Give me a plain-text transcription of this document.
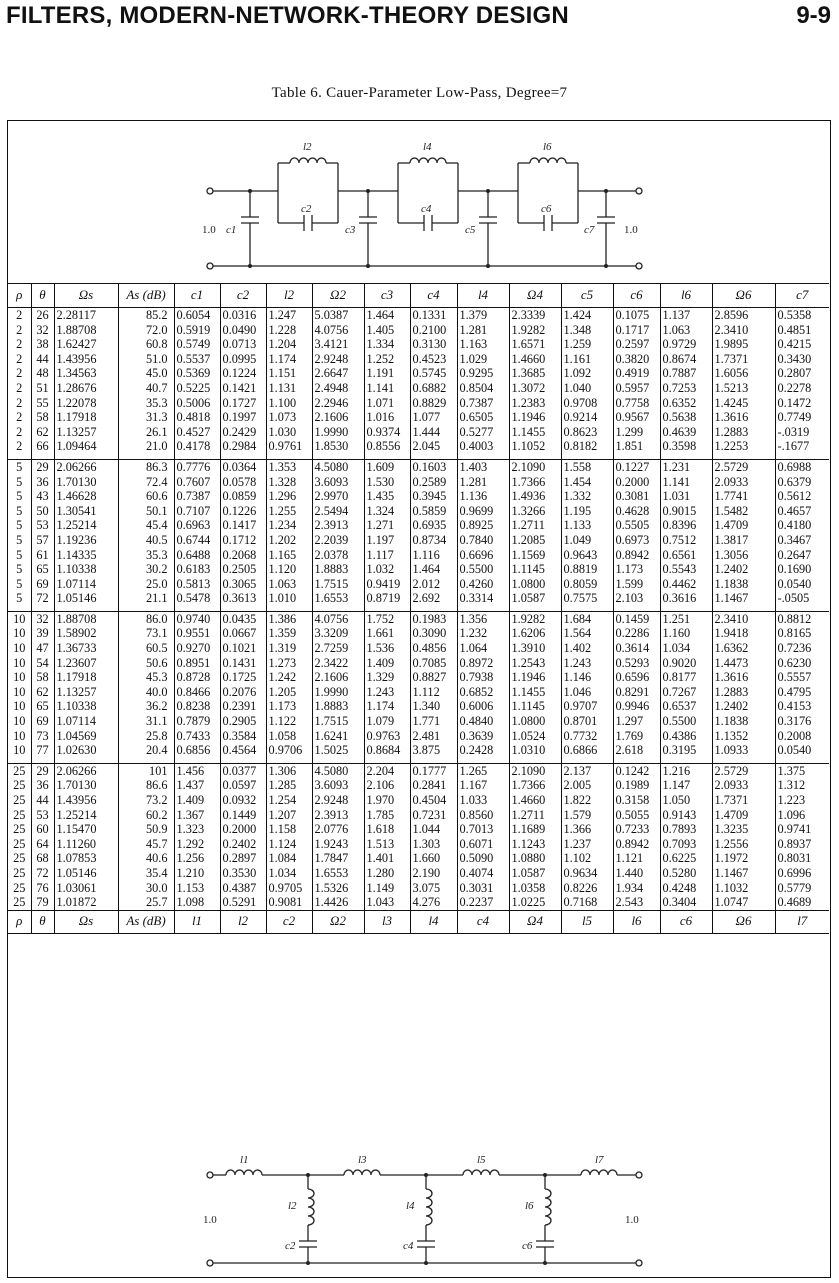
FILTERS, MODERN-NETWORK-THEORY DESIGN	9-9
Table 6. Cauer-Parameter Low-Pass, Degree=7
l2	l4	l6
c2	c4	c6
c1	c3	c5	c7
1.0	1.0
ρ	θ	Ωs	As (dB)	c1	c2	l2	Ω2	c3	c4	l4	Ω4	c5	c6	l6	Ω6	c7
2	26	2.28117	85.2	0.6054	0.0316	1.247	5.0387	1.464	0.1331	1.379	2.3339	1.424	0.1075	1.137	2.8596	0.5358
2	32	1.88708	72.0	0.5919	0.0490	1.228	4.0756	1.405	0.2100	1.281	1.9282	1.348	0.1717	1.063	2.3410	0.4851
2	38	1.62427	60.8	0.5749	0.0713	1.204	3.4121	1.334	0.3130	1.163	1.6571	1.259	0.2597	0.9729	1.9895	0.4215
2	44	1.43956	51.0	0.5537	0.0995	1.174	2.9248	1.252	0.4523	1.029	1.4660	1.161	0.3820	0.8674	1.7371	0.3430
2	48	1.34563	45.0	0.5369	0.1224	1.151	2.6647	1.191	0.5745	0.9295	1.3685	1.092	0.4919	0.7887	1.6056	0.2807
2	51	1.28676	40.7	0.5225	0.1421	1.131	2.4948	1.141	0.6882	0.8504	1.3072	1.040	0.5957	0.7253	1.5213	0.2278
2	55	1.22078	35.3	0.5006	0.1727	1.100	2.2946	1.071	0.8829	0.7387	1.2383	0.9708	0.7758	0.6352	1.4245	0.1472
2	58	1.17918	31.3	0.4818	0.1997	1.073	2.1606	1.016	1.077	0.6505	1.1946	0.9214	0.9567	0.5638	1.3616	0.7749
2	62	1.13257	26.1	0.4527	0.2429	1.030	1.9990	0.9374	1.444	0.5277	1.1455	0.8623	1.299	0.4639	1.2883	-.0319
2	66	1.09464	21.0	0.4178	0.2984	0.9761	1.8530	0.8556	2.045	0.4003	1.1052	0.8182	1.851	0.3598	1.2253	-.1677

5	29	2.06266	86.3	0.7776	0.0364	1.353	4.5080	1.609	0.1603	1.403	2.1090	1.558	0.1227	1.231	2.5729	0.6988
5	36	1.70130	72.4	0.7607	0.0578	1.328	3.6093	1.530	0.2589	1.281	1.7366	1.454	0.2000	1.141	2.0933	0.6379
5	43	1.46628	60.6	0.7387	0.0859	1.296	2.9970	1.435	0.3945	1.136	1.4936	1.332	0.3081	1.031	1.7741	0.5612
5	50	1.30541	50.1	0.7107	0.1226	1.255	2.5494	1.324	0.5859	0.9699	1.3266	1.195	0.4628	0.9015	1.5482	0.4657
5	53	1.25214	45.4	0.6963	0.1417	1.234	2.3913	1.271	0.6935	0.8925	1.2711	1.133	0.5505	0.8396	1.4709	0.4180
5	57	1.19236	40.5	0.6744	0.1712	1.202	2.2039	1.197	0.8734	0.7840	1.2085	1.049	0.6973	0.7512	1.3817	0.3467
5	61	1.14335	35.3	0.6488	0.2068	1.165	2.0378	1.117	1.116	0.6696	1.1569	0.9643	0.8942	0.6561	1.3056	0.2647
5	65	1.10338	30.2	0.6183	0.2505	1.120	1.8883	1.032	1.464	0.5500	1.1145	0.8819	1.173	0.5543	1.2402	0.1690
5	69	1.07114	25.0	0.5813	0.3065	1.063	1.7515	0.9419	2.012	0.4260	1.0800	0.8059	1.599	0.4462	1.1838	0.0540
5	72	1.05146	21.1	0.5478	0.3613	1.010	1.6553	0.8719	2.692	0.3314	1.0587	0.7575	2.103	0.3616	1.1467	-.0505

10	32	1.88708	86.0	0.9740	0.0435	1.386	4.0756	1.752	0.1983	1.356	1.9282	1.684	0.1459	1.251	2.3410	0.8812
10	39	1.58902	73.1	0.9551	0.0667	1.359	3.3209	1.661	0.3090	1.232	1.6206	1.564	0.2286	1.160	1.9418	0.8165
10	47	1.36733	60.5	0.9270	0.1021	1.319	2.7259	1.536	0.4856	1.064	1.3910	1.402	0.3614	1.034	1.6362	0.7236
10	54	1.23607	50.6	0.8951	0.1431	1.273	2.3422	1.409	0.7085	0.8972	1.2543	1.243	0.5293	0.9020	1.4473	0.6230
10	58	1.17918	45.3	0.8728	0.1725	1.242	2.1606	1.329	0.8827	0.7938	1.1946	1.146	0.6596	0.8177	1.3616	0.5557
10	62	1.13257	40.0	0.8466	0.2076	1.205	1.9990	1.243	1.112	0.6852	1.1455	1.046	0.8291	0.7267	1.2883	0.4795
10	65	1.10338	36.2	0.8238	0.2391	1.173	1.8883	1.174	1.340	0.6006	1.1145	0.9707	0.9946	0.6537	1.2402	0.4153
10	69	1.07114	31.1	0.7879	0.2905	1.122	1.7515	1.079	1.771	0.4840	1.0800	0.8701	1.297	0.5500	1.1838	0.3176
10	73	1.04569	25.8	0.7433	0.3584	1.058	1.6241	0.9763	2.481	0.3639	1.0524	0.7732	1.769	0.4386	1.1352	0.2008
10	77	1.02630	20.4	0.6856	0.4564	0.9706	1.5025	0.8684	3.875	0.2428	1.0310	0.6866	2.618	0.3195	1.0933	0.0540

25	29	2.06266	101	1.456	0.0377	1.306	4.5080	2.204	0.1777	1.265	2.1090	2.137	0.1242	1.216	2.5729	1.375
25	36	1.70130	86.6	1.437	0.0597	1.285	3.6093	2.106	0.2841	1.167	1.7366	2.005	0.1989	1.147	2.0933	1.312
25	44	1.43956	73.2	1.409	0.0932	1.254	2.9248	1.970	0.4504	1.033	1.4660	1.822	0.3158	1.050	1.7371	1.223
25	53	1.25214	60.2	1.367	0.1449	1.207	2.3913	1.785	0.7231	0.8560	1.2711	1.579	0.5055	0.9143	1.4709	1.096
25	60	1.15470	50.9	1.323	0.2000	1.158	2.0776	1.618	1.044	0.7013	1.1689	1.366	0.7233	0.7893	1.3235	0.9741
25	64	1.11260	45.7	1.292	0.2402	1.124	1.9243	1.513	1.303	0.6071	1.1243	1.237	0.8942	0.7093	1.2556	0.8937
25	68	1.07853	40.6	1.256	0.2897	1.084	1.7847	1.401	1.660	0.5090	1.0880	1.102	1.121	0.6225	1.1972	0.8031
25	72	1.05146	35.4	1.210	0.3530	1.034	1.6553	1.280	2.190	0.4074	1.0587	0.9634	1.440	0.5280	1.1467	0.6996
25	76	1.03061	30.0	1.153	0.4387	0.9705	1.5326	1.149	3.075	0.3031	1.0358	0.8226	1.934	0.4248	1.1032	0.5779
25	79	1.01872	25.7	1.098	0.5291	0.9081	1.4426	1.043	4.276	0.2237	1.0225	0.7168	2.543	0.3404	1.0747	0.4689
ρ	θ	Ωs	As (dB)	l1	l2	c2	Ω2	l3	l4	c4	Ω4	l5	l6	c6	Ω6	l7
l1	l3	l5	l7
l2	l4	l6
c2	c4	c6
1.0	1.0
